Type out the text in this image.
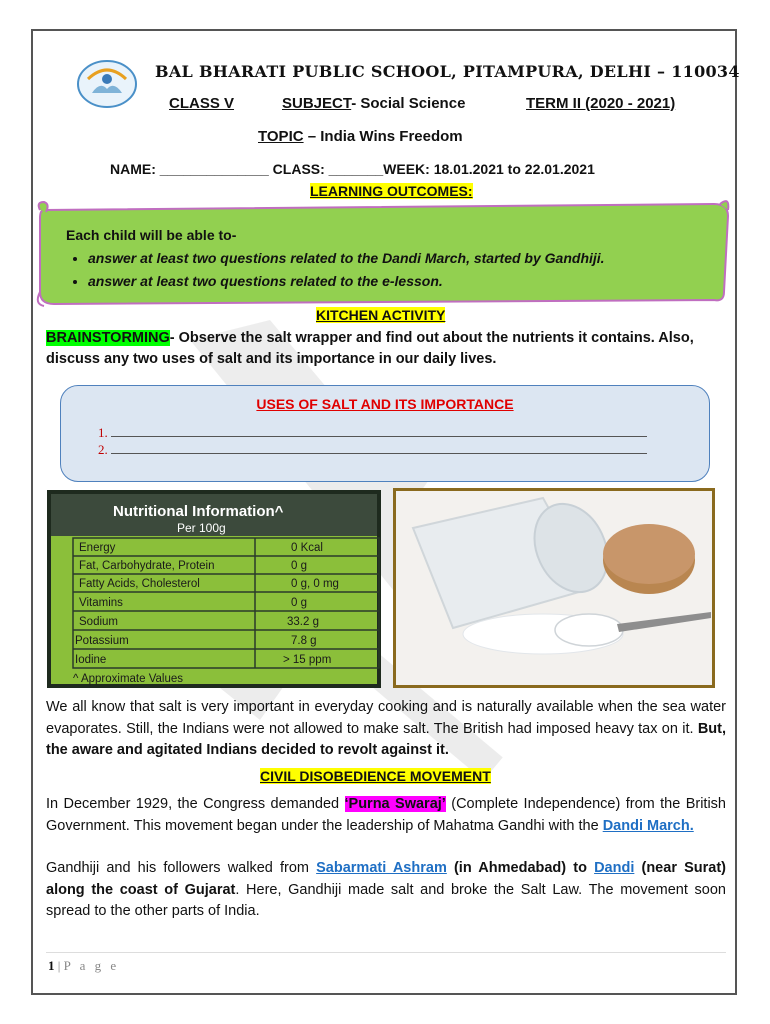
BAL BHARATI PUBLIC SCHOOL, PITAMPURA, DELHI – 110034
CLASS V	SUBJECT- Social Science	TERM II (2020 - 2021)
TOPIC – India Wins Freedom
NAME: ______________ CLASS: _______WEEK: 18.01.2021 to 22.01.2021
LEARNING OUTCOMES:
Each child will be able to-
• answer at least two questions related to the Dandi March, started by Gandhiji.
• answer at least two questions related to the e-lesson.
KITCHEN ACTIVITY
BRAINSTORMING- Observe the salt wrapper and find out about the nutrients it contains. Also, discuss any two uses of salt and its importance in our daily lives.
USES OF SALT AND ITS IMPORTANCE
1.
2.
Nutritional Information^
Per 100g
Energy	0 Kcal
Fat, Carbohydrate, Protein	0 g
Fatty Acids, Cholesterol	0 g, 0 mg
Vitamins	0 g
Sodium	33.2 g
Potassium	7.8 g
Iodine	> 15 ppm
^ Approximate Values
We all know that salt is very important in everyday cooking and is naturally available when the sea water evaporates. Still, the Indians were not allowed to make salt. The British had imposed heavy tax on it. But, the aware and agitated Indians decided to revolt against it.
CIVIL DISOBEDIENCE MOVEMENT
In December 1929, the Congress demanded ‘Purna Swaraj’ (Complete Independence) from the British Government. This movement began under the leadership of Mahatma Gandhi with the Dandi March.
Gandhiji and his followers walked from Sabarmati Ashram (in Ahmedabad) to Dandi (near Surat) along the coast of Gujarat. Here, Gandhiji made salt and broke the Salt Law. The movement soon spread to the other parts of India.
1 | P a g e
